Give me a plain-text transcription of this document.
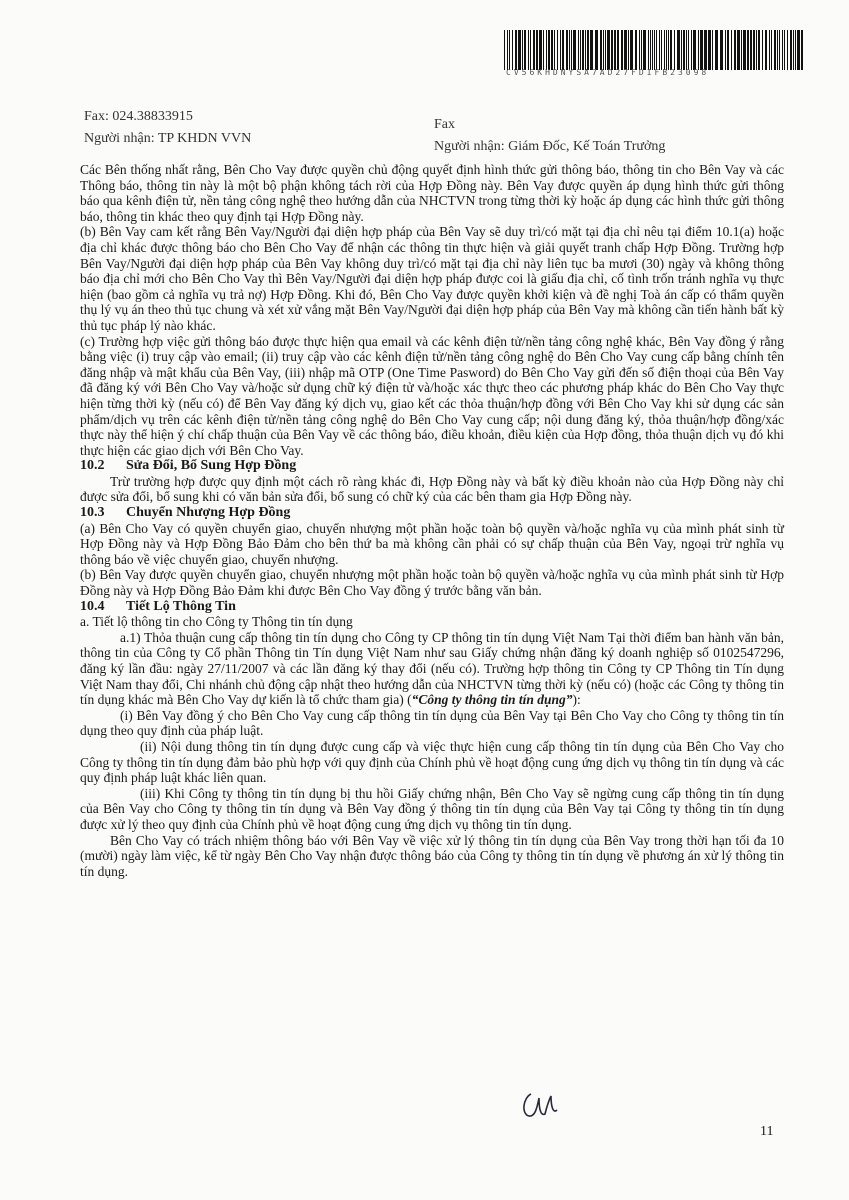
CV56KHDNYSA7AD27FDIFB23098
Fax: 024.38833915
Người nhận: TP KHDN VVN
Fax
Người nhận: Giám Đốc, Kế Toán Trưởng

Các Bên thống nhất rằng, Bên Cho Vay được quyền chủ động quyết định hình thức gửi thông báo, thông tin cho Bên Vay và các Thông báo, thông tin này là một bộ phận không tách rời của Hợp Đồng này. Bên Vay được quyền áp dụng hình thức gửi thông báo qua kênh điện tử, nền tảng công nghệ theo hướng dẫn của NHCTVN trong từng thời kỳ hoặc áp dụng các hình thức gửi thông báo, thông tin khác theo quy định tại Hợp Đồng này.

(b) Bên Vay cam kết rằng Bên Vay/Người đại diện hợp pháp của Bên Vay sẽ duy trì/có mặt tại địa chỉ nêu tại điểm 10.1(a) hoặc địa chỉ khác được thông báo cho Bên Cho Vay để nhận các thông tin thực hiện và giải quyết tranh chấp Hợp Đồng. Trường hợp Bên Vay/Người đại diện hợp pháp của Bên Vay không duy trì/có mặt tại địa chỉ này liên tục ba mươi (30) ngày và không thông báo địa chỉ mới cho Bên Cho Vay thì Bên Vay/Người đại diện hợp pháp được coi là giấu địa chỉ, cố tình trốn tránh nghĩa vụ thực hiện (bao gồm cả nghĩa vụ trả nợ) Hợp Đồng. Khi đó, Bên Cho Vay được quyền khởi kiện và đề nghị Toà án cấp có thẩm quyền thụ lý vụ án theo thủ tục chung và xét xử vắng mặt Bên Vay/Người đại diện hợp pháp của Bên Vay mà không cần tiến hành bất kỳ thủ tục pháp lý nào khác.

(c) Trường hợp việc gửi thông báo được thực hiện qua email và các kênh điện tử/nền tảng công nghệ khác, Bên Vay đồng ý rằng bằng việc (i) truy cập vào email; (ii) truy cập vào các kênh điện tử/nền tảng công nghệ do Bên Cho Vay cung cấp bằng chính tên đăng nhập và mật khẩu của Bên Vay, (iii) nhập mã OTP (One Time Pasword) do Bên Cho Vay gửi đến số điện thoại của Bên Vay đã đăng ký với Bên Cho Vay và/hoặc sử dụng chữ ký điện tử và/hoặc xác thực theo các phương pháp khác do Bên Cho Vay thực hiện từng thời kỳ (nếu có) để Bên Vay đăng ký dịch vụ, giao kết các thỏa thuận/hợp đồng với Bên Cho Vay khi sử dụng các sản phẩm/dịch vụ trên các kênh điện tử/nền tảng công nghệ do Bên Cho Vay cung cấp; nội dung đăng ký, thỏa thuận/hợp đồng/xác thực này thể hiện ý chí chấp thuận của Bên Vay về các thông báo, điều khoản, điều kiện của Hợp đồng, thỏa thuận dịch vụ đó khi thực hiện các giao dịch với Bên Cho Vay.

10.2 Sửa Đổi, Bổ Sung Hợp Đồng

Trừ trường hợp được quy định một cách rõ ràng khác đi, Hợp Đồng này và bất kỳ điều khoản nào của Hợp Đồng này chỉ được sửa đổi, bổ sung khi có văn bản sửa đổi, bổ sung có chữ ký của các bên tham gia Hợp Đồng này.

10.3 Chuyển Nhượng Hợp Đồng

(a) Bên Cho Vay có quyền chuyển giao, chuyển nhượng một phần hoặc toàn bộ quyền và/hoặc nghĩa vụ của mình phát sinh từ Hợp Đồng này và Hợp Đồng Bảo Đảm cho bên thứ ba mà không cần phải có sự chấp thuận của Bên Vay, ngoại trừ nghĩa vụ thông báo về việc chuyển giao, chuyển nhượng.

(b) Bên Vay được quyền chuyển giao, chuyển nhượng một phần hoặc toàn bộ quyền và/hoặc nghĩa vụ của mình phát sinh từ Hợp Đồng này và Hợp Đồng Bảo Đảm khi được Bên Cho Vay đồng ý trước bằng văn bản.

10.4 Tiết Lộ Thông Tin

a. Tiết lộ thông tin cho Công ty Thông tin tín dụng

a.1) Thỏa thuận cung cấp thông tin tín dụng cho Công ty CP thông tin tín dụng Việt Nam Tại thời điểm ban hành văn bản, thông tin của Công ty Cổ phần Thông tin Tín dụng Việt Nam như sau Giấy chứng nhận đăng ký doanh nghiệp số 0102547296, đăng ký lần đầu: ngày 27/11/2007 và các lần đăng ký thay đổi (nếu có). Trường hợp thông tin Công ty CP Thông tin Tín dụng Việt Nam thay đổi, Chi nhánh chủ động cập nhật theo hướng dẫn của NHCTVN từng thời kỳ (nếu có) (hoặc các Công ty thông tin tín dụng khác mà Bên Cho Vay dự kiến là tổ chức tham gia) (“Công ty thông tin tín dụng”):

(i) Bên Vay đồng ý cho Bên Cho Vay cung cấp thông tin tín dụng của Bên Vay tại Bên Cho Vay cho Công ty thông tin tín dụng theo quy định của pháp luật.

(ii) Nội dung thông tin tín dụng được cung cấp và việc thực hiện cung cấp thông tin tín dụng của Bên Cho Vay cho Công ty thông tin tín dụng đảm bảo phù hợp với quy định của Chính phủ về hoạt động cung ứng dịch vụ thông tin tín dụng và các quy định pháp luật khác liên quan.

(iii) Khi Công ty thông tin tín dụng bị thu hồi Giấy chứng nhận, Bên Cho Vay sẽ ngừng cung cấp thông tin tín dụng của Bên Vay cho Công ty thông tin tín dụng và Bên Vay đồng ý thông tin tín dụng của Bên Vay tại Công ty thông tin tín dụng được xử lý theo quy định của Chính phủ về hoạt động cung ứng dịch vụ thông tin tín dụng.

Bên Cho Vay có trách nhiệm thông báo với Bên Vay về việc xử lý thông tin tín dụng của Bên Vay trong thời hạn tối đa 10 (mười) ngày làm việc, kể từ ngày Bên Cho Vay nhận được thông báo của Công ty thông tin tín dụng về phương án xử lý thông tin tín dụng.

11
